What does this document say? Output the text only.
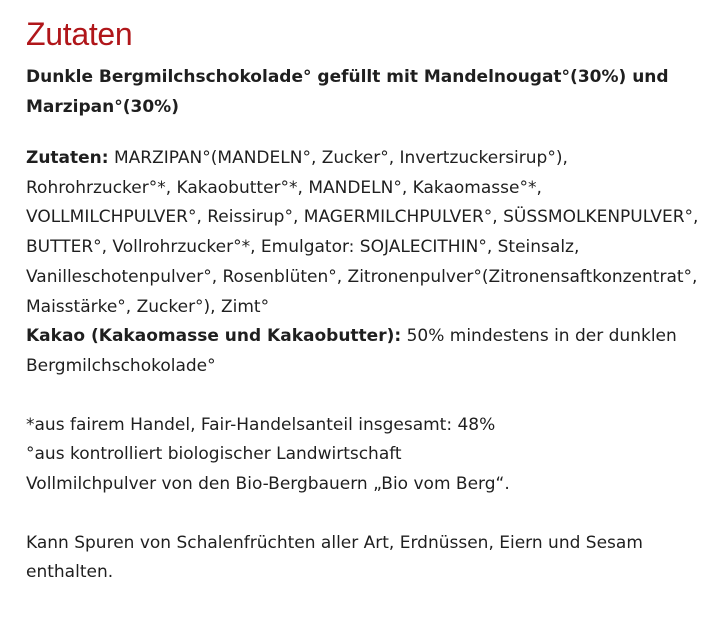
Zutaten
Dunkle Bergmilchschokolade° gefüllt mit Mandelnougat°(30%) und Marzipan°(30%)

Zutaten: MARZIPAN°(MANDELN°, Zucker°, Invertzuckersirup°), Rohrohrzucker°*, Kakaobutter°*, MANDELN°, Kakaomasse°*, VOLLMILCHPULVER°, Reissirup°, MAGERMILCHPULVER°, SÜSSMOLKENPULVER°, BUTTER°, Vollrohrzucker°*, Emulgator: SOJALECITHIN°, Steinsalz, Vanilleschotenpulver°, Rosenblüten°, Zitronenpulver°(Zitronensaftkonzentrat°, Maisstärke°, Zucker°), Zimt°

Kakao (Kakaomasse und Kakaobutter): 50% mindestens in der dunklen Bergmilchschokolade°

*aus fairem Handel, Fair-Handelsanteil insgesamt: 48%

°aus kontrolliert biologischer Landwirtschaft

Vollmilchpulver von den Bio-Bergbauern „Bio vom Berg“.

Kann Spuren von Schalenfrüchten aller Art, Erdnüssen, Eiern und Sesam enthalten.
